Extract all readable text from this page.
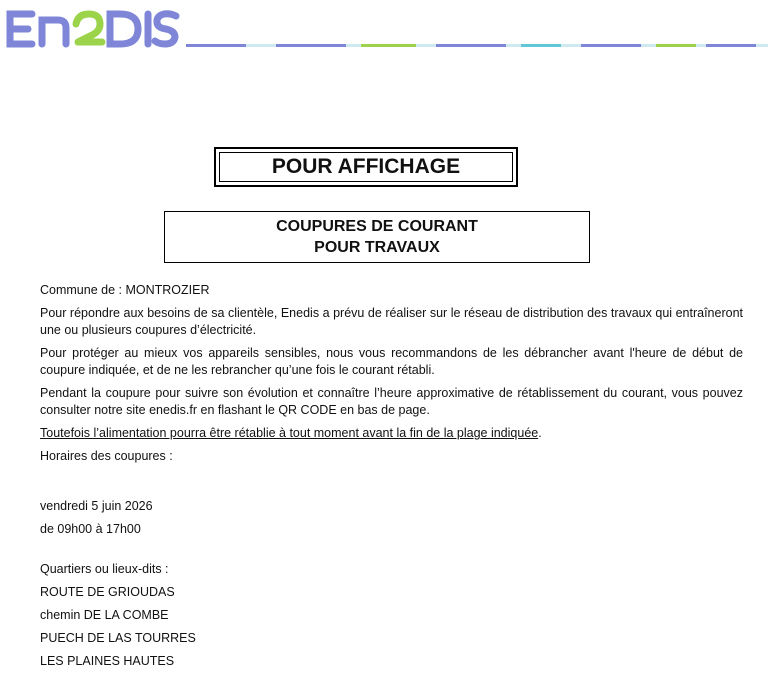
POUR AFFICHAGE
COUPURES DE COURANT
POUR TRAVAUX

Commune de : MONTROZIER

Pour répondre aux besoins de sa clientèle, Enedis a prévu de réaliser sur le réseau de distribution des travaux qui entraîneront une ou plusieurs coupures d’électricité.

Pour protéger au mieux vos appareils sensibles, nous vous recommandons de les débrancher avant l'heure de début de coupure indiquée, et de ne les rebrancher qu’une fois le courant rétabli.

Pendant la coupure pour suivre son évolution et connaître l’heure approximative de rétablissement du courant, vous pouvez consulter notre site enedis.fr en flashant le QR CODE en bas de page.

Toutefois l’alimentation pourra être rétablie à tout moment avant la fin de la plage indiquée.

Horaires des coupures :

vendredi 5 juin 2026

de 09h00 à 17h00

Quartiers ou lieux-dits :

ROUTE DE GRIOUDAS

chemin DE LA COMBE

PUECH DE LAS TOURRES

LES PLAINES HAUTES
